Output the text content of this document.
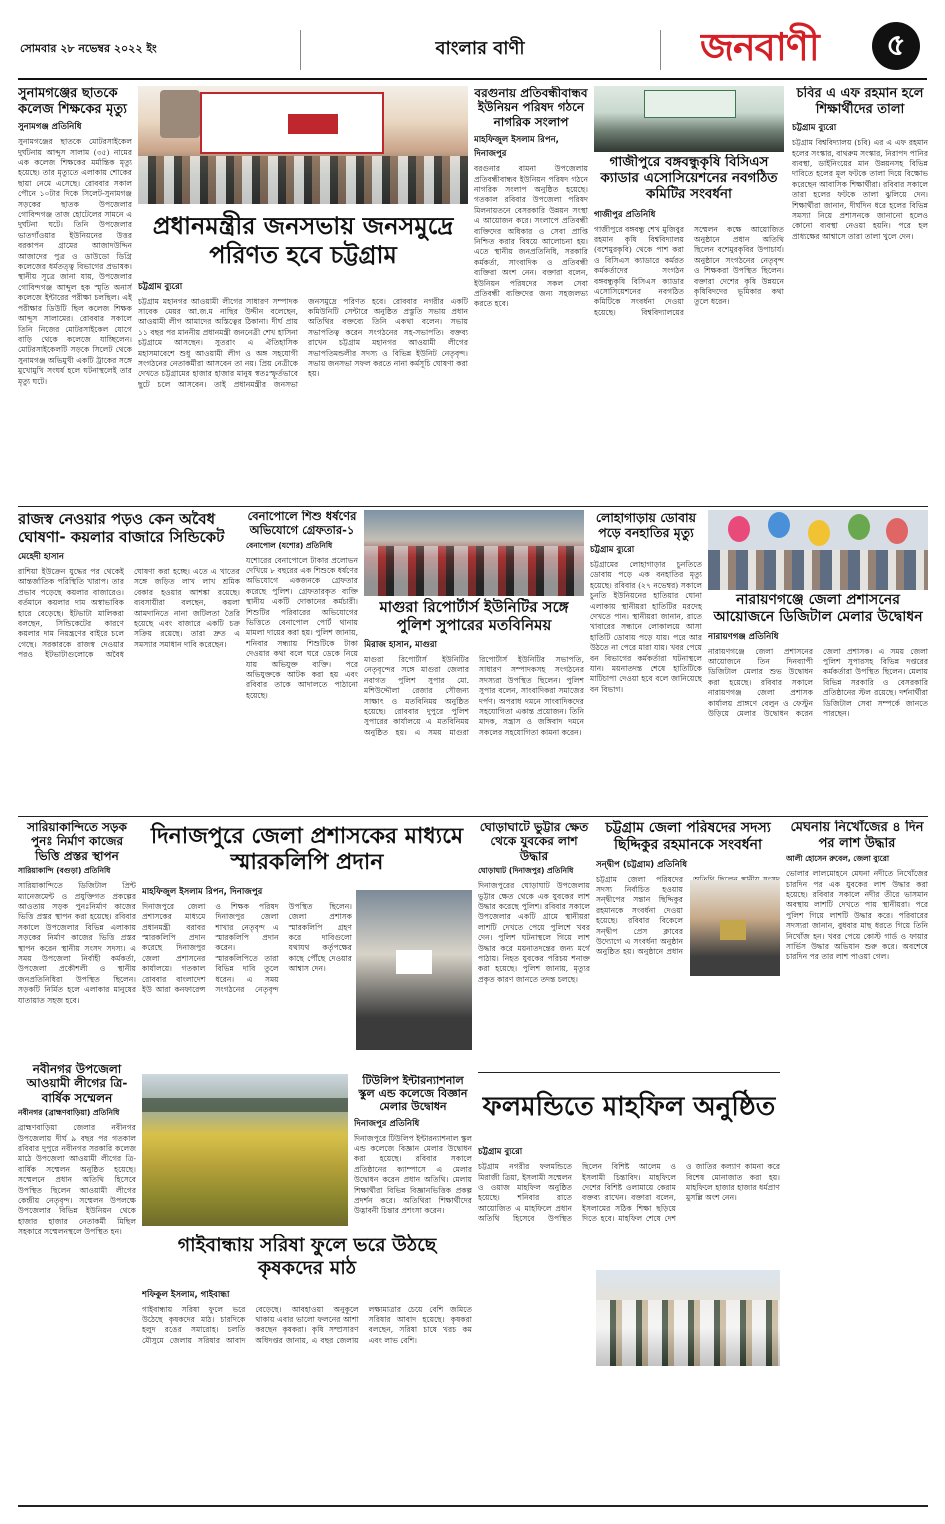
সোমবার ২৮ নভেম্বর ২০২২ ইং	বাংলার বাণী	জনবাণী	৫
সুনামগঞ্জের ছাতকে কলেজ শিক্ষকের মৃত্যু
সুনামগঞ্জ প্রতিনিধি
সুনামগঞ্জের ছাতকে মোটরসাইকেল দুর্ঘটনায় আব্দুস সালাম (৩৫) নামের এক কলেজ শিক্ষকের মর্মান্তিক মৃত্যু হয়েছে। তার মৃত্যুতে এলাকায় শোকের ছায়া নেমে এসেছে। রোববার সকাল পৌনে ১০টার দিকে সিলেট-সুনামগঞ্জ সড়কের ছাতক উপজেলার গোবিন্দগঞ্জ তাজ হোটেলের সামনে এ দুর্ঘটনা ঘটে। তিনি উপজেলার ভাতগাঁওয়ার ইউনিয়নের উত্তর বরকাপন গ্রামের আজাদউদ্দিন আজাদের পুত্র ও ডাউডো ডিগ্রি কলেজের ধর্মতত্ত্ব বিভাগের প্রভাষক। স্থানীয় সূত্রে জানা যায়, উপজেলার গোবিন্দগঞ্জ আব্দুল হক স্মৃতি অনার্স কলেজে ইন্টারের পরীক্ষা চলছিল। এই পরীক্ষার ডিউটি ছিল কলেজ শিক্ষক আব্দুস সালামের। রোববার সকালে তিনি নিজের মোটরসাইকেল যোগে বাড়ি থেকে কলেজে যাচ্ছিলেন। মোটরসাইকেলটি সড়কে সিলেট থেকে সুনামগঞ্জ অভিমুখী একটি ট্রাকের সঙ্গে মুখোমুখি সংঘর্ষ হলে ঘটনাস্থলেই তার মৃত্যু ঘটে।
প্রধানমন্ত্রীর জনসভায় জনসমুদ্রে পরিণত হবে চট্টগ্রাম
চট্টগ্রাম ব্যুরো
চট্টগ্রাম মহানগর আওয়ামী লীগের সাধারণ সম্পাদক সাবেক মেয়র আ.জ.ম নাছির উদ্দীন বলেছেন, আওয়ামী লীগ আমাদের অস্তিত্বের ঠিকানা। দীর্ঘ প্রায় ১১ বছর পর মাননীয় প্রধানমন্ত্রী জননেত্রী শেখ হাসিনা চট্টগ্রামে আসছেন। সুতরাং এ ঐতিহাসিক মহাসমাবেশে শুধু আওয়ামী লীগ ও অঙ্গ সহযোগী সংগঠনের নেতাকর্মীরা আসবেন তা নয়। প্রিয় নেত্রীকে দেখতে চট্টগ্রামের হাজার হাজার মানুষ স্বতঃস্ফূর্তভাবে ছুটে চলে আসবেন। তাই প্রধানমন্ত্রীর জনসভা জনসমুদ্রে পরিণত হবে। রোববার নগরীর একটি কমিউনিটি সেন্টারে অনুষ্ঠিত প্রস্তুতি সভায় প্রধান অতিথির বক্তব্যে তিনি একথা বলেন। সভায় সভাপতিত্ব করেন সংগঠনের সহ-সভাপতি। বক্তব্য রাখেন চট্টগ্রাম মহানগর আওয়ামী লীগের সভাপতিমন্ডলীর সদস্য ও বিভিন্ন ইউনিট নেতৃবৃন্দ। সভায় জনসভা সফল করতে নানা কর্মসূচি ঘোষণা করা হয়।
বরগুনায় প্রতিবন্ধীবান্ধব ইউনিয়ন পরিষদ গঠনে নাগরিক সংলাপ
মাহফিজুল ইসলাম রিপন, দিনাজপুর
বরগুনার বামনা উপজেলায় প্রতিবন্ধীবান্ধব ইউনিয়ন পরিষদ গঠনে নাগরিক সংলাপ অনুষ্ঠিত হয়েছে। গতকাল রবিবার উপজেলা পরিষদ মিলনায়তনে বেসরকারি উন্নয়ন সংস্থা এ আয়োজন করে। সংলাপে প্রতিবন্ধী ব্যক্তিদের অধিকার ও সেবা প্রাপ্তি নিশ্চিত করার বিষয়ে আলোচনা হয়। এতে স্থানীয় জনপ্রতিনিধি, সরকারি কর্মকর্তা, সাংবাদিক ও প্রতিবন্ধী ব্যক্তিরা অংশ নেন। বক্তারা বলেন, ইউনিয়ন পরিষদের সকল সেবা প্রতিবন্ধী ব্যক্তিদের জন্য সহজলভ্য করতে হবে।
গাজীপুরে বঙ্গবন্ধুকৃষি বিসিএস ক্যাডার এসোসিয়েশনের নবগঠিত কমিটির সংবর্ধনা
গাজীপুর প্রতিনিধি
গাজীপুরে বঙ্গবন্ধু শেখ মুজিবুর রহমান কৃষি বিশ্ববিদ্যালয় (বশেমুরকৃবি) থেকে পাশ করা ও বিসিএস ক্যাডারে কর্মরত কর্মকর্তাদের সংগঠন বঙ্গবন্ধুকৃষি বিসিএস ক্যাডার এসোসিয়েশনের নবগঠিত কমিটিকে সংবর্ধনা দেওয়া হয়েছে। বিশ্ববিদ্যালয়ের সম্মেলন কক্ষে আয়োজিত অনুষ্ঠানে প্রধান অতিথি ছিলেন বশেমুরকৃবির উপাচার্য। অনুষ্ঠানে সংগঠনের নেতৃবৃন্দ ও শিক্ষকরা উপস্থিত ছিলেন। বক্তারা দেশের কৃষি উন্নয়নে কৃষিবিদদের ভূমিকার কথা তুলে ধরেন।
চবির এ এফ রহমান হলে শিক্ষার্থীদের তালা
চট্টগ্রাম ব্যুরো
চট্টগ্রাম বিশ্ববিদ্যালয় (চবি) এর এ এফ রহমান হলের সংস্কার, বাথরুম সংস্কার, নিরাপদ পানির ব্যবস্থা, ডাইনিংয়ের মান উন্নয়নসহ বিভিন্ন দাবিতে হলের মূল ফটকে তালা দিয়ে বিক্ষোভ করেছেন আবাসিক শিক্ষার্থীরা। রবিবার সকালে তারা হলের ফটকে তালা ঝুলিয়ে দেন। শিক্ষার্থীরা জানান, দীর্ঘদিন ধরে হলের বিভিন্ন সমস্যা নিয়ে প্রশাসনকে জানানো হলেও কোনো ব্যবস্থা নেওয়া হয়নি। পরে হল প্রাধ্যক্ষের আশ্বাসে তারা তালা খুলে দেন।
রাজস্ব নেওয়ার পড়ও কেন অবৈধ ঘোষণা- কয়লার বাজারে সিন্ডিকেট
মেহেদী হাসান
রাশিয়া ইউক্রেন যুদ্ধের পর থেকেই আন্তর্জাতিক পরিস্থিতি খারাপ। তার প্রভাব পড়েছে কয়লার বাজারেও। বর্তমানে কয়লার দাম অস্বাভাবিক হারে বেড়েছে। ইটভাটা মালিকরা বলছেন, সিন্ডিকেটের কারণে কয়লার দাম নিয়ন্ত্রণের বাইরে চলে গেছে। সরকারকে রাজস্ব দেওয়ার পরও ইটভাটাগুলোকে অবৈধ ঘোষণা করা হচ্ছে। এতে এ খাতের সঙ্গে জড়িত লাখ লাখ শ্রমিক বেকার হওয়ার আশঙ্কা রয়েছে। ব্যবসায়ীরা বলছেন, কয়লা আমদানিতে নানা জটিলতা তৈরি হয়েছে এবং বাজারে একটি চক্র সক্রিয় রয়েছে। তারা দ্রুত এ সমস্যার সমাধান দাবি করেছেন।
বেনাপোলে শিশু ধর্ষণের অভিযোগে গ্রেফতার-১
বেনাপোল (যশোর) প্রতিনিধি
যশোরের বেনাপোলে টাকার প্রলোভন দেখিয়ে ৮ বছরের এক শিশুকে ধর্ষণের অভিযোগে একজনকে গ্রেফতার করেছে পুলিশ। গ্রেফতারকৃত ব্যক্তি স্থানীয় একটি দোকানের কর্মচারী। শিশুটির পরিবারের অভিযোগের ভিত্তিতে বেনাপোল পোর্ট থানায় মামলা দায়ের করা হয়। পুলিশ জানায়, শনিবার সন্ধ্যায় শিশুটিকে টাকা দেওয়ার কথা বলে ঘরে ডেকে নিয়ে যায় অভিযুক্ত ব্যক্তি। পরে অভিযুক্তকে আটক করা হয় এবং রবিবার তাকে আদালতে পাঠানো হয়েছে।
মাগুরা রিপোর্টার্স ইউনিটির সঙ্গে পুলিশ সুপারের মতবিনিময়
মিরাজ হাসান, মাগুরা
মাগুরা রিপোর্টার্স ইউনিটির নেতৃবৃন্দের সঙ্গে মাগুরা জেলার নবাগত পুলিশ সুপার মো. মশিউদ্দৌলা রেজার সৌজন্য সাক্ষাৎ ও মতবিনিময় অনুষ্ঠিত হয়েছে। রোববার দুপুরে পুলিশ সুপারের কার্যালয়ে এ মতবিনিময় অনুষ্ঠিত হয়। এ সময় মাগুরা রিপোর্টার্স ইউনিটির সভাপতি, সাধারণ সম্পাদকসহ সংগঠনের সদস্যরা উপস্থিত ছিলেন। পুলিশ সুপার বলেন, সাংবাদিকরা সমাজের দর্পণ। অপরাধ দমনে সাংবাদিকদের সহযোগিতা একান্ত প্রয়োজন। তিনি মাদক, সন্ত্রাস ও জঙ্গিবাদ দমনে সকলের সহযোগিতা কামনা করেন।
লোহাগাড়ায় ডোবায় পড়ে বনহাতির মৃত্যু
চট্টগ্রাম ব্যুরো
চট্টগ্রামের লোহাগাড়ার চুনতিতে ডোবায় পড়ে এক বনহাতির মৃত্যু হয়েছে। রবিবার (২৭ নভেম্বর) সকালে চুনতি ইউনিয়নের হাতিয়ার ঘোনা এলাকায় স্থানীয়রা হাতিটির মরদেহ দেখতে পান। স্থানীয়রা জানান, রাতে খাবারের সন্ধানে লোকালয়ে আসা হাতিটি ডোবায় পড়ে যায়। পরে আর উঠতে না পেরে মারা যায়। খবর পেয়ে বন বিভাগের কর্মকর্তারা ঘটনাস্থলে যান। ময়নাতদন্ত শেষে হাতিটিকে মাটিচাপা দেওয়া হবে বলে জানিয়েছে বন বিভাগ।
নারায়ণগঞ্জে জেলা প্রশাসনের আয়োজনে ডিজিটাল মেলার উদ্বোধন
নারায়ণগঞ্জ প্রতিনিধি
নারায়ণগঞ্জে জেলা প্রশাসনের আয়োজনে তিন দিনব্যাপী ডিজিটাল মেলার শুভ উদ্বোধন করা হয়েছে। রবিবার সকালে নারায়ণগঞ্জ জেলা প্রশাসক কার্যালয় প্রাঙ্গণে বেলুন ও ফেস্টুন উড়িয়ে মেলার উদ্বোধন করেন জেলা প্রশাসক। এ সময় জেলা পুলিশ সুপারসহ বিভিন্ন দপ্তরের কর্মকর্তারা উপস্থিত ছিলেন। মেলায় বিভিন্ন সরকারি ও বেসরকারি প্রতিষ্ঠানের স্টল রয়েছে। দর্শনার্থীরা ডিজিটাল সেবা সম্পর্কে জানতে পারছেন।
সারিয়াকান্দিতে সড়ক পুনঃ নির্মাণ কাজের ভিত্তি প্রস্তর স্থাপন
সারিয়াকান্দি (বগুড়া) প্রতিনিধি
সারিয়াকান্দিতে ডিজিটাল প্রিন্ট ম্যানেজমেন্ট ও প্রযুক্তিগত প্রকল্পের আওতায় সড়ক পুনঃনির্মাণ কাজের ভিত্তি প্রস্তর স্থাপন করা হয়েছে। রবিবার সকালে উপজেলার বিভিন্ন এলাকায় সড়কের নির্মাণ কাজের ভিত্তি প্রস্তর স্থাপন করেন স্থানীয় সংসদ সদস্য। এ সময় উপজেলা নির্বাহী কর্মকর্তা, উপজেলা প্রকৌশলী ও স্থানীয় জনপ্রতিনিধিরা উপস্থিত ছিলেন। সড়কটি নির্মিত হলে এলাকার মানুষের যাতায়াত সহজ হবে।
নবীনগর উপজেলা আওয়ামী লীগের ত্রি-বার্ষিক সম্মেলন
নবীনগর (ব্রাহ্মণবাড়িয়া) প্রতিনিধি
ব্রাহ্মণবাড়িয়া জেলার নবীনগর উপজেলায় দীর্ঘ ৯ বছর পর গতকাল রবিবার দুপুরে নবীনগর সরকারি কলেজ মাঠে উপজেলা আওয়ামী লীগের ত্রি-বার্ষিক সম্মেলন অনুষ্ঠিত হয়েছে। সম্মেলনে প্রধান অতিথি হিসেবে উপস্থিত ছিলেন আওয়ামী লীগের কেন্দ্রীয় নেতৃবৃন্দ। সম্মেলন উপলক্ষে উপজেলার বিভিন্ন ইউনিয়ন থেকে হাজার হাজার নেতাকর্মী মিছিল সহকারে সম্মেলনস্থলে উপস্থিত হন।
দিনাজপুরে জেলা প্রশাসকের মাধ্যমে স্মারকলিপি প্রদান
মাহফিজুল ইসলাম রিপন, দিনাজপুর
দিনাজপুরে জেলা প্রশাসকের মাধ্যমে প্রধানমন্ত্রী বরাবর স্মারকলিপি প্রদান করেছে দিনাজপুর জেলা প্রশাসনের কার্যালয়ে। গতকাল রোববার বাংলাদেশ ইউ আরা কনফারেন্স ও শিক্ষক পরিষদ দিনাজপুর জেলা শাখার নেতৃবৃন্দ এ স্মারকলিপি প্রদান করেন। স্মারকলিপিতে তারা বিভিন্ন দাবি তুলে ধরেন। এ সময় সংগঠনের নেতৃবৃন্দ উপস্থিত ছিলেন। জেলা প্রশাসক স্মারকলিপি গ্রহণ করে দাবিগুলো যথাযথ কর্তৃপক্ষের কাছে পৌঁছে দেওয়ার আশ্বাস দেন।
টিউলিপ ইন্টারন্যাশনাল স্কুল এন্ড কলেজে বিজ্ঞান মেলার উদ্বোধন
দিনাজপুর প্রতিনিধি
দিনাজপুরে টিউলিপ ইন্টারন্যাশনাল স্কুল এন্ড কলেজে বিজ্ঞান মেলার উদ্বোধন করা হয়েছে। রবিবার সকালে প্রতিষ্ঠানের ক্যাম্পাসে এ মেলার উদ্বোধন করেন প্রধান অতিথি। মেলায় শিক্ষার্থীরা বিভিন্ন বিজ্ঞানভিত্তিক প্রকল্প প্রদর্শন করে। অতিথিরা শিক্ষার্থীদের উদ্ভাবনী চিন্তার প্রশংসা করেন।
গাইবান্ধায় সরিষা ফুলে ভরে উঠছে কৃষকদের মাঠ
শফিকুল ইসলাম, গাইবান্ধা
গাইবান্ধায় সরিষা ফুলে ভরে উঠেছে কৃষকদের মাঠ। চারদিকে হলুদ রঙের সমারোহ। চলতি মৌসুমে জেলায় সরিষার আবাদ বেড়েছে। আবহাওয়া অনুকূলে থাকায় এবার ভালো ফলনের আশা করছেন কৃষকরা। কৃষি সম্প্রসারণ অধিদপ্তর জানায়, এ বছর জেলায় লক্ষ্যমাত্রার চেয়ে বেশি জমিতে সরিষার আবাদ হয়েছে। কৃষকরা বলছেন, সরিষা চাষে খরচ কম এবং লাভ বেশি।
ঘোড়াঘাটে ভুট্টার ক্ষেত থেকে যুবকের লাশ উদ্ধার
ঘোড়াঘাট (দিনাজপুর) প্রতিনিধি
দিনাজপুরের ঘোড়াঘাট উপজেলায় ভুট্টার ক্ষেত থেকে এক যুবকের লাশ উদ্ধার করেছে পুলিশ। রবিবার সকালে উপজেলার একটি গ্রামে স্থানীয়রা লাশটি দেখতে পেয়ে পুলিশে খবর দেন। পুলিশ ঘটনাস্থলে গিয়ে লাশ উদ্ধার করে ময়নাতদন্তের জন্য মর্গে পাঠায়। নিহত যুবকের পরিচয় শনাক্ত করা হয়েছে। পুলিশ জানায়, মৃত্যুর প্রকৃত কারণ জানতে তদন্ত চলছে।
চট্টগ্রাম জেলা পরিষদের সদস্য ছিদ্দিকুর রহমানকে সংবর্ধনা
সন্দ্বীপ (চট্টগ্রাম) প্রতিনিধি
চট্টগ্রাম জেলা পরিষদের সদস্য নির্বাচিত হওয়ায় সন্দ্বীপের সন্তান ছিদ্দিকুর রহমানকে সংবর্ধনা দেওয়া হয়েছে। রবিবার বিকেলে সন্দ্বীপ প্রেস ক্লাবের উদ্যোগে এ সংবর্ধনা অনুষ্ঠান অনুষ্ঠিত হয়। অনুষ্ঠানে প্রধান
মেঘনায় নিখোঁজের ৪ দিন পর লাশ উদ্ধার
আলী হোসেন রুবেল, জেলা ব্যুরো
ভোলার লালমোহনে মেঘনা নদীতে নিখোঁজের চারদিন পর এক যুবকের লাশ উদ্ধার করা হয়েছে। রবিবার সকালে নদীর তীরে ভাসমান অবস্থায় লাশটি দেখতে পায় স্থানীয়রা। পরে পুলিশ গিয়ে লাশটি উদ্ধার করে। পরিবারের সদস্যরা জানান, বুধবার মাছ ধরতে গিয়ে তিনি নিখোঁজ হন। খবর পেয়ে কোস্ট গার্ড ও ফায়ার সার্ভিস উদ্ধার অভিযান শুরু করে। অবশেষে চারদিন পর তার লাশ পাওয়া গেল।
ফলমন্ডিতে মাহফিল অনুষ্ঠিত
চট্টগ্রাম ব্যুরো
চট্টগ্রাম নগরীর ফলমন্ডিতে মিরাজী ত্রিয়া, ইসলামী সম্মেলন ও ওয়াজ মাহফিল অনুষ্ঠিত হয়েছে। শনিবার রাতে আয়োজিত এ মাহফিলে প্রধান অতিথি হিসেবে উপস্থিত ছিলেন বিশিষ্ট আলেম ও ইসলামী চিন্তাবিদ। মাহফিলে দেশের বিশিষ্ট ওলামায়ে কেরাম বক্তব্য রাখেন। বক্তারা বলেন, ইসলামের সঠিক শিক্ষা ছড়িয়ে দিতে হবে। মাহফিল শেষে দেশ ও জাতির কল্যাণ কামনা করে বিশেষ মোনাজাত করা হয়। মাহফিলে হাজার হাজার ধর্মপ্রাণ মুসল্লি অংশ নেন।
